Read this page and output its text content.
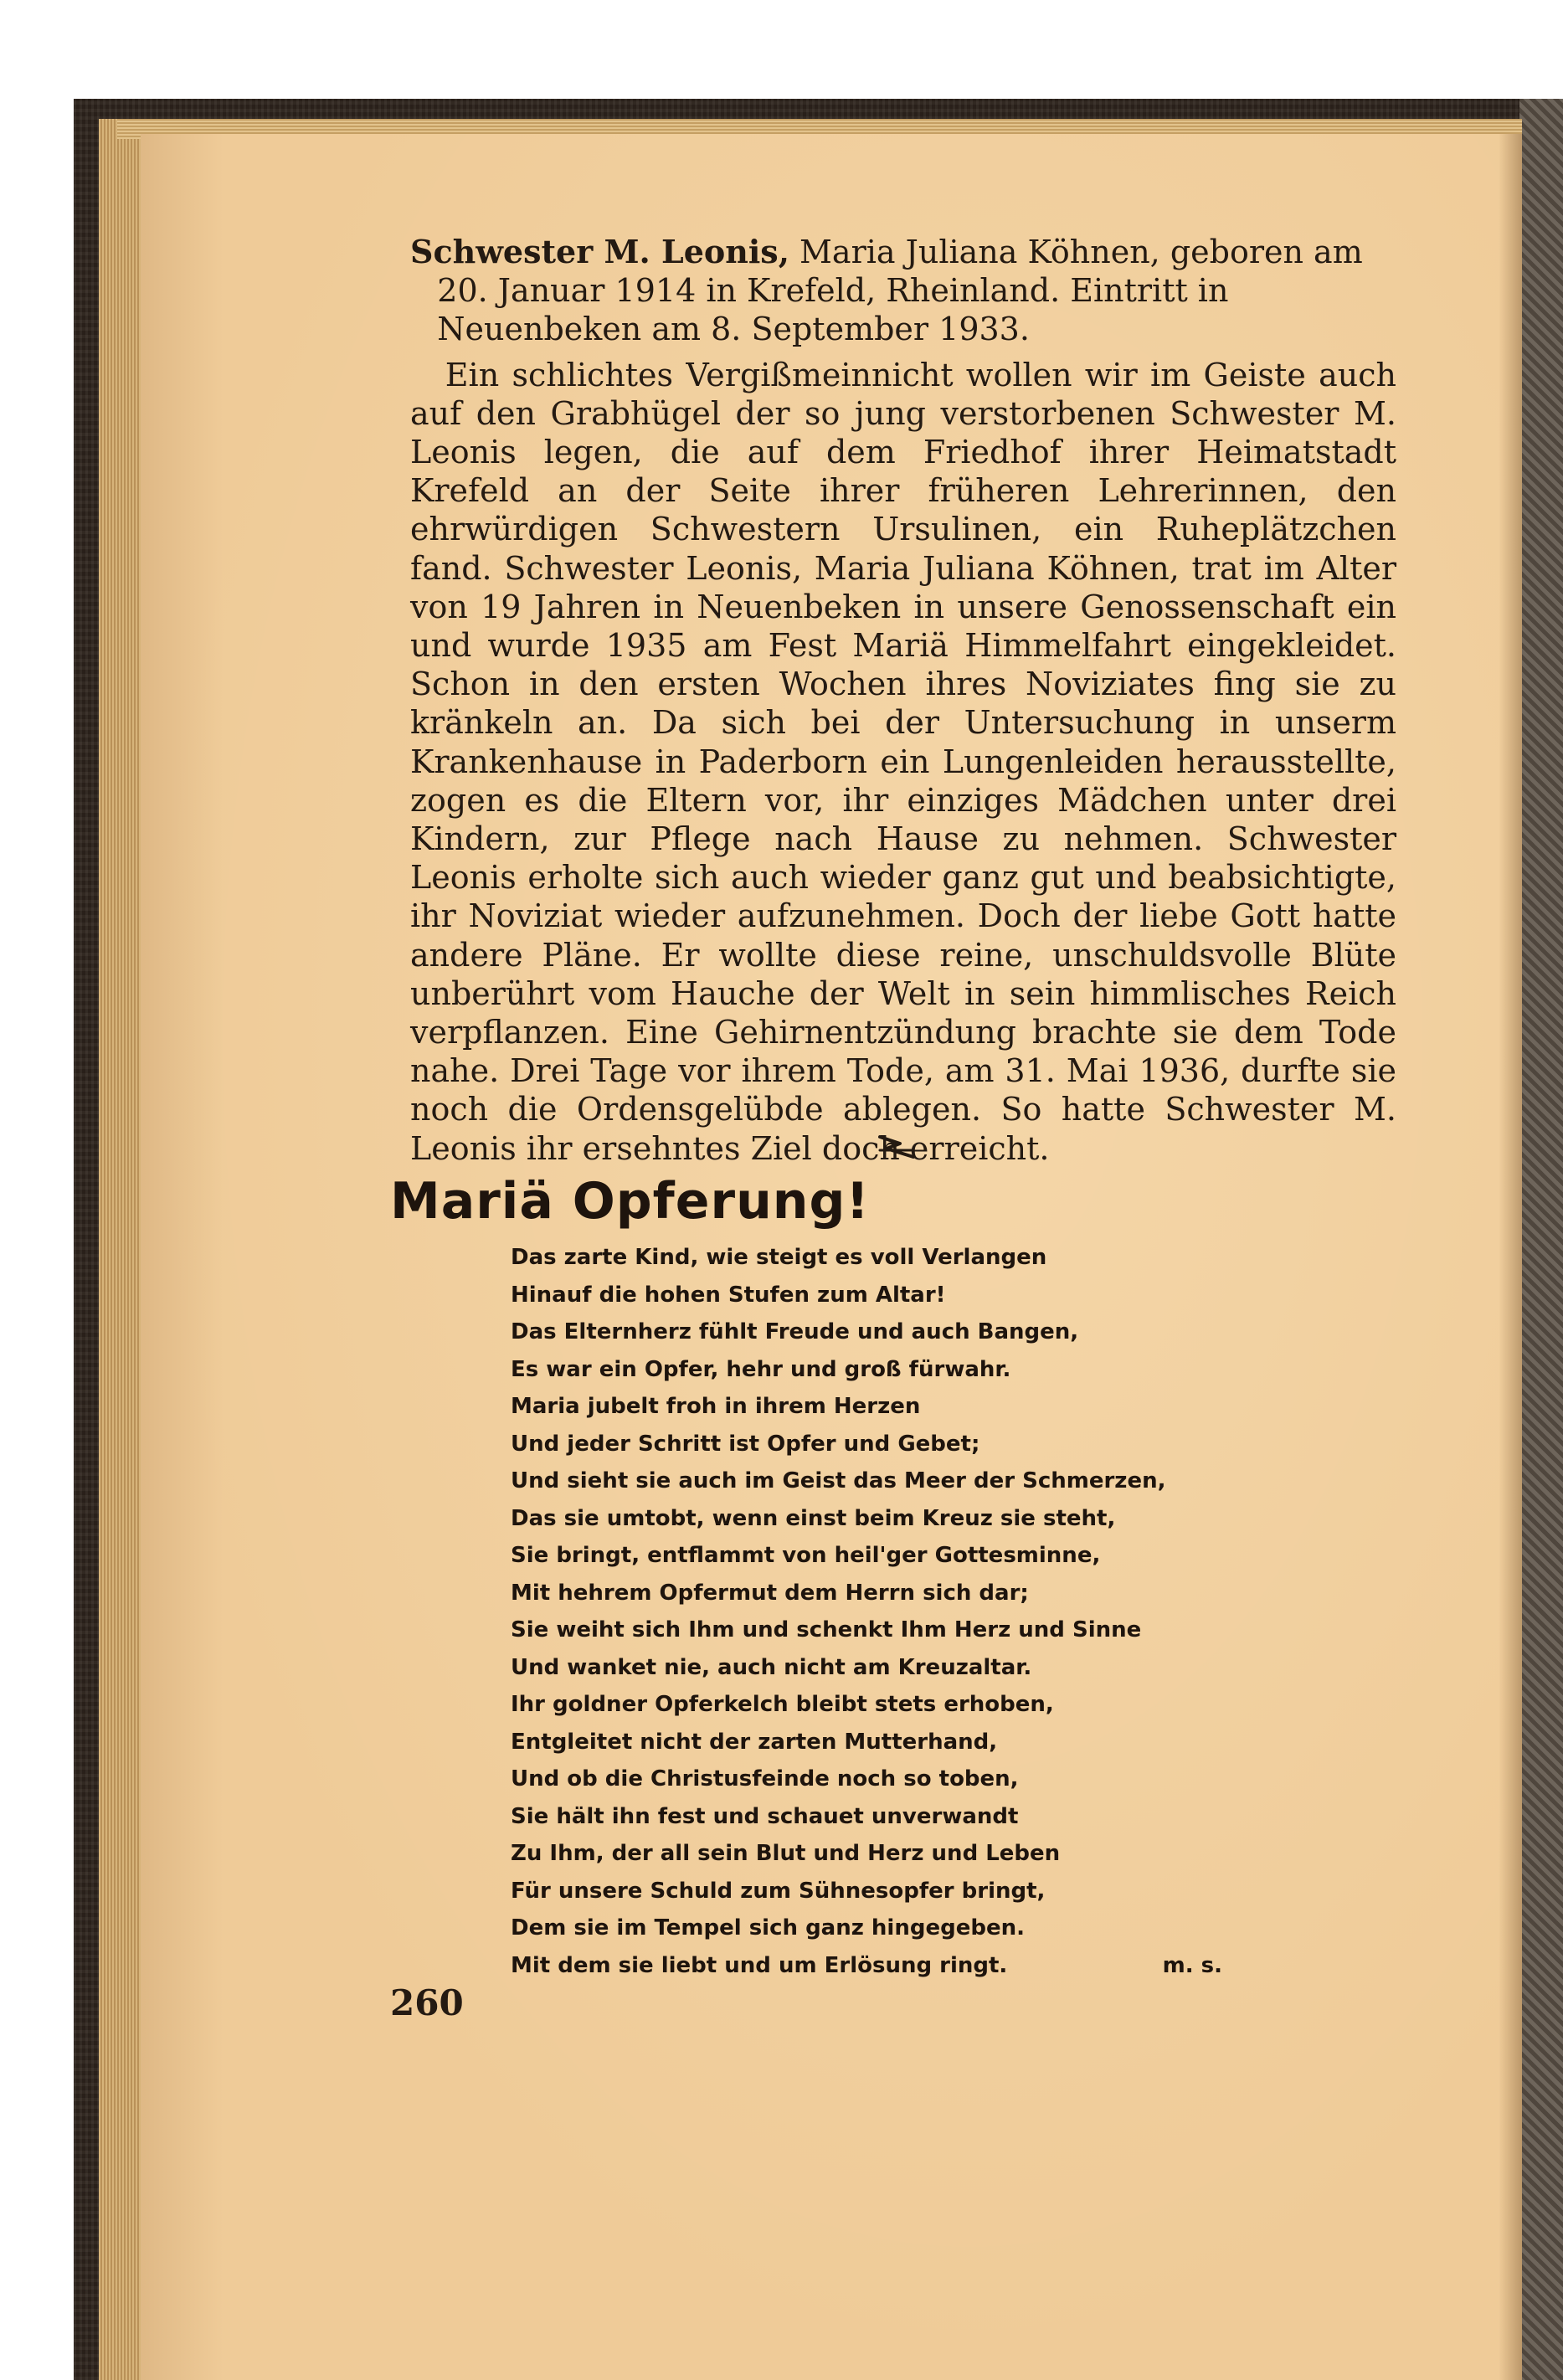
Schwester M. Leonis, Maria Juliana Köhnen, geboren am 20. Januar 1914 in Krefeld, Rheinland. Eintritt in Neuenbeken am 8. September 1933.

Ein schlichtes Vergißmeinnicht wollen wir im Geiste auch auf den Grabhügel der so jung verstorbenen Schwester M. Leonis legen, die auf dem Friedhof ihrer Heimatstadt Krefeld an der Seite ihrer früheren Lehrerinnen, den ehrwürdigen Schwestern Ursulinen, ein Ruheplätzchen fand. Schwester Leonis, Maria Juliana Köhnen, trat im Alter von 19 Jahren in Neuenbeken in unsere Genossenschaft ein und wurde 1935 am Fest Mariä Himmelfahrt eingekleidet. Schon in den ersten Wochen ihres Noviziates fing sie zu kränkeln an. Da sich bei der Untersuchung in unserm Krankenhause in Paderborn ein Lungenleiden herausstellte, zogen es die Eltern vor, ihr einziges Mädchen unter drei Kindern, zur Pflege nach Hause zu nehmen. Schwester Leonis erholte sich auch wieder ganz gut und beabsichtigte, ihr Noviziat wieder aufzunehmen. Doch der liebe Gott hatte andere Pläne. Er wollte diese reine, unschuldsvolle Blüte unberührt vom Hauche der Welt in sein himmlisches Reich verpflanzen. Eine Gehirnentzündung brachte sie dem Tode nahe. Drei Tage vor ihrem Tode, am 31. Mai 1936, durfte sie noch die Ordensgelübde ablegen. So hatte Schwester M. Leonis ihr ersehntes Ziel doch erreicht.

Mariä Opferung!
Das zarte Kind, wie steigt es voll Verlangen
Hinauf die hohen Stufen zum Altar!
Das Elternherz fühlt Freude und auch Bangen,
Es war ein Opfer, hehr und groß fürwahr.
Maria jubelt froh in ihrem Herzen
Und jeder Schritt ist Opfer und Gebet;
Und sieht sie auch im Geist das Meer der Schmerzen,
Das sie umtobt, wenn einst beim Kreuz sie steht,
Sie bringt, entflammt von heil'ger Gottesminne,
Mit hehrem Opfermut dem Herrn sich dar;
Sie weiht sich Ihm und schenkt Ihm Herz und Sinne
Und wanket nie, auch nicht am Kreuzaltar.
Ihr goldner Opferkelch bleibt stets erhoben,
Entgleitet nicht der zarten Mutterhand,
Und ob die Christusfeinde noch so toben,
Sie hält ihn fest und schauet unverwandt
Zu Ihm, der all sein Blut und Herz und Leben
Für unsere Schuld zum Sühnesopfer bringt,
Dem sie im Tempel sich ganz hingegeben.
Mit dem sie liebt und um Erlösung ringt.	m. s.
260
